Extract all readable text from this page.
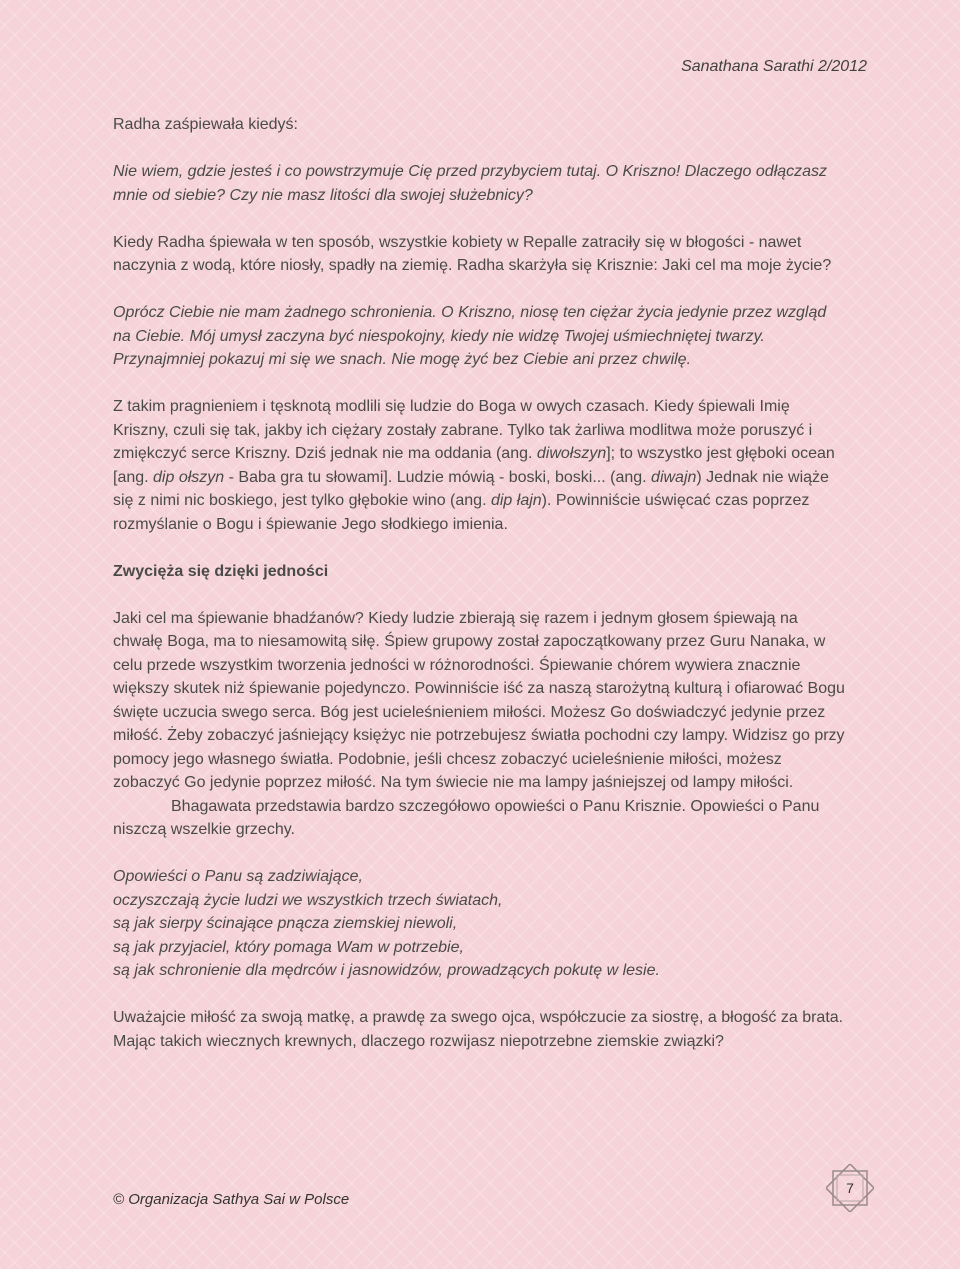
Sanathana Sarathi 2/2012

Radha zaśpiewała kiedyś:

Nie wiem, gdzie jesteś i co powstrzymuje Cię przed przybyciem tutaj. O Kriszno! Dlaczego odłączasz mnie od siebie? Czy nie masz litości dla swojej służebnicy?

Kiedy Radha śpiewała w ten sposób, wszystkie kobiety w Repalle zatraciły się w błogości - nawet naczynia z wodą, które niosły, spadły na ziemię. Radha skarżyła się Krisznie: Jaki cel ma moje życie?

Oprócz Ciebie nie mam żadnego schronienia. O Kriszno, niosę ten ciężar życia jedynie przez wzgląd na Ciebie. Mój umysł zaczyna być niespokojny, kiedy nie widzę Twojej uśmiechniętej twarzy. Przynajmniej pokazuj mi się we snach. Nie mogę żyć bez Ciebie ani przez chwilę.

Z takim pragnieniem i tęsknotą modlili się ludzie do Boga w owych czasach. Kiedy śpiewali Imię Kriszny, czuli się tak, jakby ich ciężary zostały zabrane. Tylko tak żarliwa modlitwa może poruszyć i zmiękczyć serce Kriszny. Dziś jednak nie ma oddania (ang. diwołszyn]; to wszystko jest głęboki ocean [ang. dip ołszyn - Baba gra tu słowami]. Ludzie mówią - boski, boski... (ang. diwajn) Jednak nie wiąże się z nimi nic boskiego, jest tylko głębokie wino (ang. dip łajn). Powinniście uświęcać czas poprzez rozmyślanie o Bogu i śpiewanie Jego słodkiego imienia.

Zwycięża się dzięki jedności

Jaki cel ma śpiewanie bhadźanów? Kiedy ludzie zbierają się razem i jednym głosem śpiewają na chwałę Boga, ma to niesamowitą siłę. Śpiew grupowy został zapoczątkowany przez Guru Nanaka, w celu przede wszystkim tworzenia jedności w różnorodności. Śpiewanie chórem wywiera znacznie większy skutek niż śpiewanie pojedynczo. Powinniście iść za naszą starożytną kulturą i ofiarować Bogu święte uczucia swego serca. Bóg jest ucieleśnieniem miłości. Możesz Go doświadczyć jedynie przez miłość. Żeby zobaczyć jaśniejący księżyc nie potrzebujesz światła pochodni czy lampy. Widzisz go przy pomocy jego własnego światła. Podobnie, jeśli chcesz zobaczyć ucieleśnienie miłości, możesz zobaczyć Go jedynie poprzez miłość. Na tym świecie nie ma lampy jaśniejszej od lampy miłości.

Bhagawata przedstawia bardzo szczegółowo opowieści o Panu Krisznie. Opowieści o Panu niszczą wszelkie grzechy.

Opowieści o Panu są zadziwiające,
oczyszczają życie ludzi we wszystkich trzech światach,
są jak sierpy ścinające pnącza ziemskiej niewoli,
są jak przyjaciel, który pomaga Wam w potrzebie,
są jak schronienie dla mędrców i jasnowidzów, prowadzących pokutę w lesie.

Uważajcie miłość za swoją matkę, a prawdę za swego ojca, współczucie za siostrę, a błogość za brata. Mając takich wiecznych krewnych, dlaczego rozwijasz niepotrzebne ziemskie związki?

© Organizacja Sathya Sai w Polsce
7
